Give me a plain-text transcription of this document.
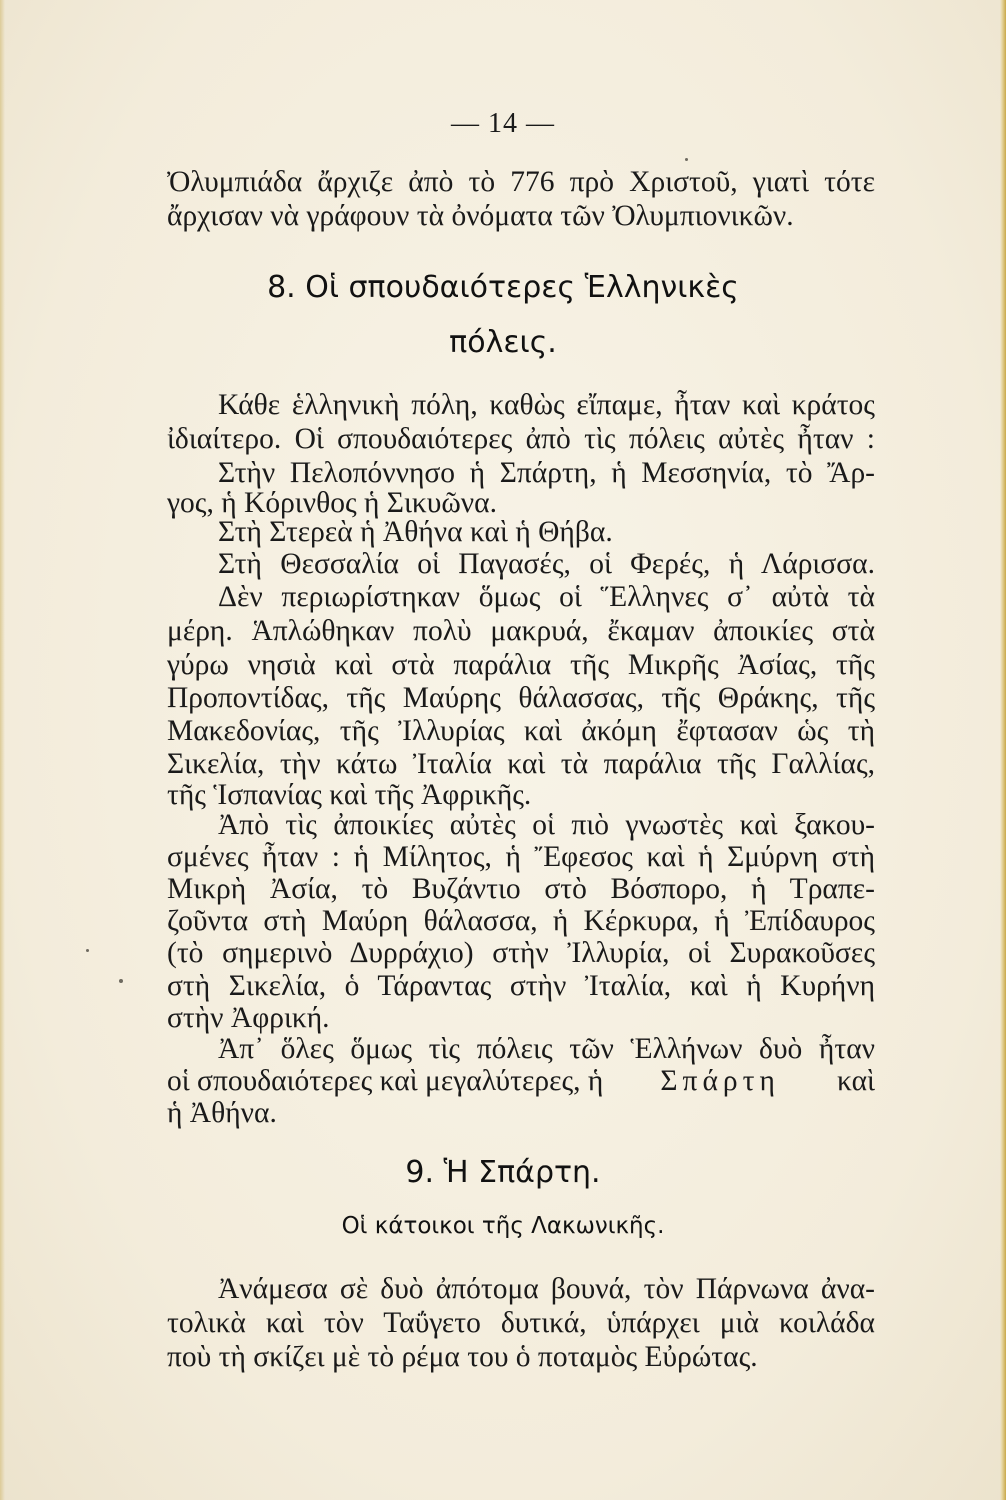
— 14 —
Ὀλυμπιάδα ἄρχιζε ἀπὸ τὸ 776 πρὸ Χριστοῦ, γιατὶ τότε
ἄρχισαν νὰ γράφουν τὰ ὀνόματα τῶν Ὀλυμπιονικῶν.
8. Οἱ σπουδαιότερες Ἑλληνικὲς
πόλεις.
Κάθε ἑλληνικὴ πόλη, καθὼς εἴπαμε, ἦταν καὶ κράτος
ἰδιαίτερο. Οἱ σπουδαιότερες ἀπὸ τὶς πόλεις αὐτὲς ἦταν :
Στὴν Πελοπόννησο ἡ Σπάρτη, ἡ Μεσσηνία, τὸ Ἄρ-
γος, ἡ Κόρινθος ἡ Σικυῶνα.
Στὴ Στερεὰ ἡ Ἀθήνα καὶ ἡ Θήβα.
Στὴ Θεσσαλία οἱ Παγασές, οἱ Φερές, ἡ Λάρισσα.
Δὲν περιωρίστηκαν ὅμως οἱ Ἕλληνες σ᾽ αὐτὰ τὰ
μέρη. Ἁπλώθηκαν πολὺ μακρυά, ἔκαμαν ἀποικίες στὰ
γύρω νησιὰ καὶ στὰ παράλια τῆς Μικρῆς Ἀσίας, τῆς
Προποντίδας, τῆς Μαύρης θάλασσας, τῆς Θράκης, τῆς
Μακεδονίας, τῆς Ἰλλυρίας καὶ ἀκόμη ἔφτασαν ὡς τὴ
Σικελία, τὴν κάτω Ἰταλία καὶ τὰ παράλια τῆς Γαλλίας,
τῆς Ἱσπανίας καὶ τῆς Ἀφρικῆς.
Ἀπὸ τὶς ἀποικίες αὐτὲς οἱ πιὸ γνωστὲς καὶ ξακου-
σμένες ἦταν : ἡ Μίλητος, ἡ Ἔφεσος καὶ ἡ Σμύρνη στὴ
Μικρὴ Ἀσία, τὸ Βυζάντιο στὸ Βόσπορο, ἡ Τραπε-
ζοῦντα στὴ Μαύρη θάλασσα, ἡ Κέρκυρα, ἡ Ἐπίδαυρος
(τὸ σημερινὸ Δυρράχιο) στὴν Ἰλλυρία, οἱ Συρακοῦσες
στὴ Σικελία, ὁ Τάραντας στὴν Ἰταλία, καὶ ἡ Κυρήνη
στὴν Ἀφρική.
Ἀπ᾽ ὅλες ὅμως τὶς πόλεις τῶν Ἑλλήνων δυὸ ἦταν
οἱ σπουδαιότερες καὶ μεγαλύτερες, ἡ Σπάρτη καὶ
ἡ Ἀθήνα.
9. Ἡ Σπάρτη.
Οἱ κάτοικοι τῆς Λακωνικῆς.
Ἀνάμεσα σὲ δυὸ ἀπότομα βουνά, τὸν Πάρνωνα ἀνα-
τολικὰ καὶ τὸν Ταΰγετο δυτικά, ὑπάρχει μιὰ κοιλάδα
ποὺ τὴ σκίζει μὲ τὸ ρέμα του ὁ ποταμὸς Εὐρώτας.
